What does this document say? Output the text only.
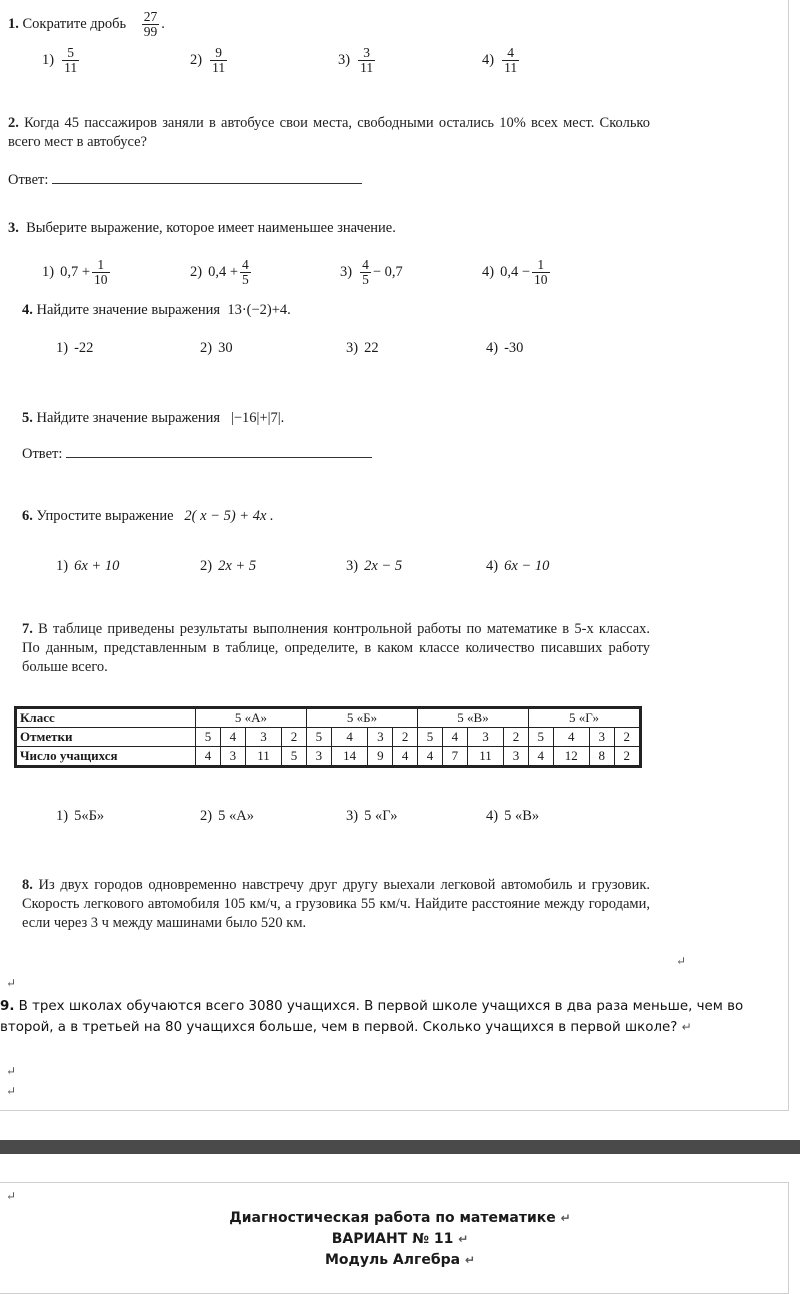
1. Сократите дробь $\frac{27}{99}$ .
$1) \frac{5}{11}$	$2) \frac{9}{11}$	$3) \frac{3}{11}$	$4) \frac{4}{11}$
2. Когда 45 пассажиров заняли в автобусе свои места, свободными остались 10% всех мест. Сколько всего мест в автобусе?
Ответ:
3. Выберите выражение, которое имеет наименьшее значение.
1) $0,7 + \frac{1}{10}$	2) $0,4 + \frac{4}{5}$	$3) \frac{4}{5} - 0,7$	4) $0,4 - \frac{1}{10}$
4. Найдите значение выражения 13·(−2)+4.
1) -22	2) 30	3) 22	4) -30
5. Найдите значение выражения |−16|+|7|.
Ответ:
6. Упростите выражение 2( x − 5) + 4x .
1) 6x + 10	2) 2x + 5	3) 2x − 5	4) 6x − 10
7. В таблице приведены результаты выполнения контрольной работы по математике в 5-х классах. По данным, представленным в таблице, определите, в каком классе количество писавших работу больше всего.
Класс	5 «А»				5 «Б»				5 «В»				5 «Г»			
Отметки	5	4	3	2	5	4	3	2	5	4	3	2	5	4	3	2
Число учащихся	4	3	11	5	3	14	9	4	4	7	11	3	4	12	8	2
1) 5«Б»	2) 5 «А»	3) 5 «Г»	4) 5 «В»
8. Из двух городов одновременно навстречу друг другу выехали легковой автомобиль и грузовик. Скорость легкового автомобиля 105 км/ч, а грузовика 55 км/ч. Найдите расстояние между городами, если через 3 ч между машинами было 520 км.
↵
↵
9. В трех школах обучаются всего 3080 учащихся. В первой школе учащихся в два раза меньше, чем во второй, а в третьей на 80 учащихся больше, чем в первой. Сколько учащихся в первой школе? ↵
↵
↵
↵
Диагностическая работа по математике ↵
ВАРИАНТ № 11 ↵
Модуль Алгебра ↵
